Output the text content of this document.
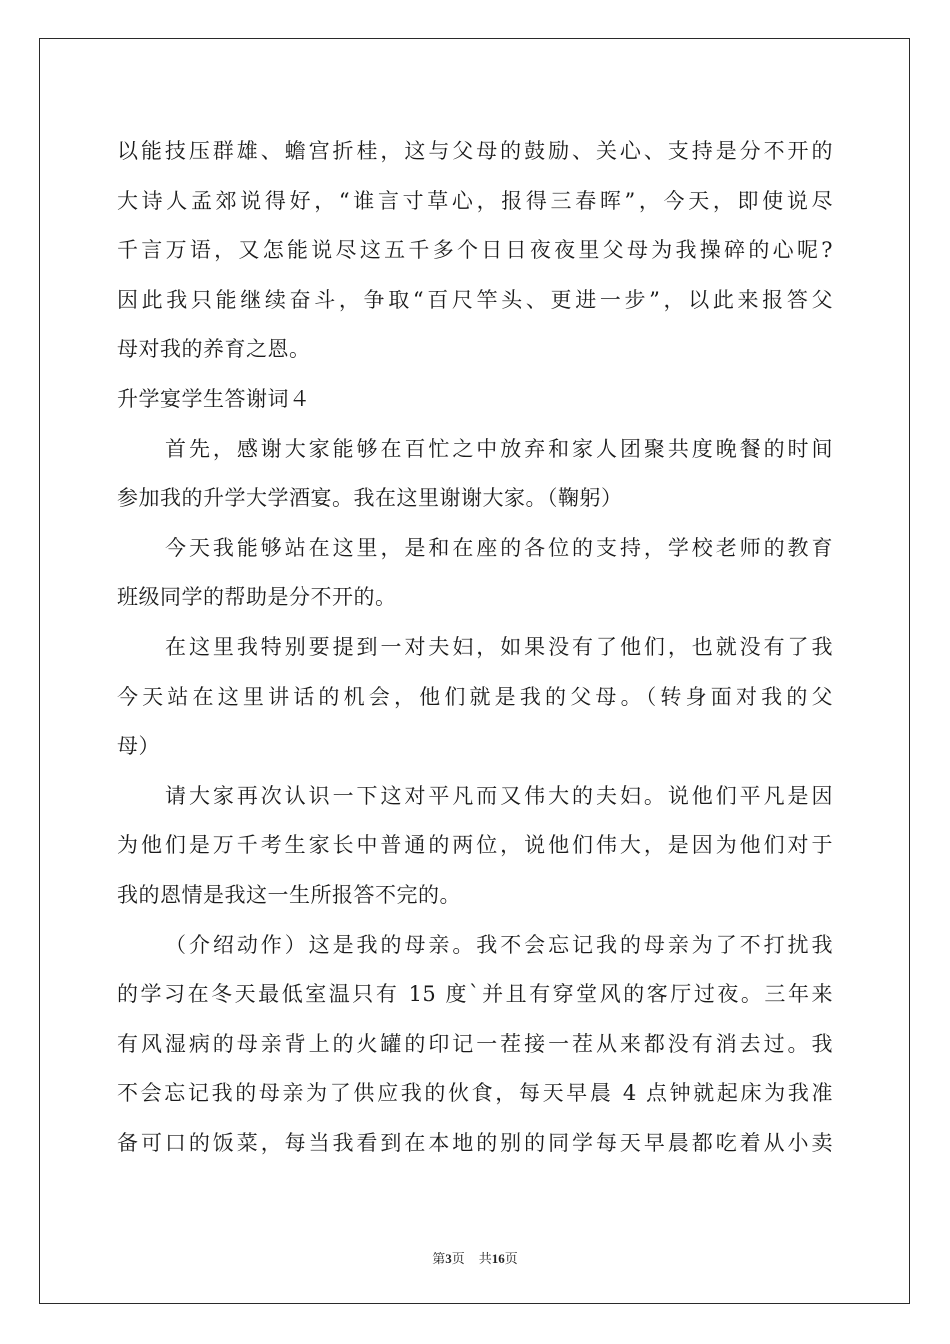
以能技压群雄、蟾宫折桂，这与父母的鼓励、关心、支持是分不开的
大诗人孟郊说得好，“谁言寸草心，报得三春晖”，今天，即使说尽
千言万语，又怎能说尽这五千多个日日夜夜里父母为我操碎的心呢?
因此我只能继续奋斗，争取“百尺竿头、更进一步”，以此来报答父
母对我的养育之恩。
升学宴学生答谢词４
首先，感谢大家能够在百忙之中放弃和家人团聚共度晚餐的时间
参加我的升学大学酒宴。我在这里谢谢大家。（鞠躬）
今天我能够站在这里，是和在座的各位的支持，学校老师的教育
班级同学的帮助是分不开的。
在这里我特别要提到一对夫妇，如果没有了他们，也就没有了我
今天站在这里讲话的机会，他们就是我的父母。（转身面对我的父
母）
请大家再次认识一下这对平凡而又伟大的夫妇。说他们平凡是因
为他们是万千考生家长中普通的两位，说他们伟大，是因为他们对于
我的恩情是我这一生所报答不完的。
（介绍动作）这是我的母亲。我不会忘记我的母亲为了不打扰我
的学习在冬天最低室温只有 15 度`并且有穿堂风的客厅过夜。三年来
有风湿病的母亲背上的火罐的印记一茬接一茬从来都没有消去过。我
不会忘记我的母亲为了供应我的伙食，每天早晨 4 点钟就起床为我准
备可口的饭菜，每当我看到在本地的别的同学每天早晨都吃着从小卖
第3页 共16页
